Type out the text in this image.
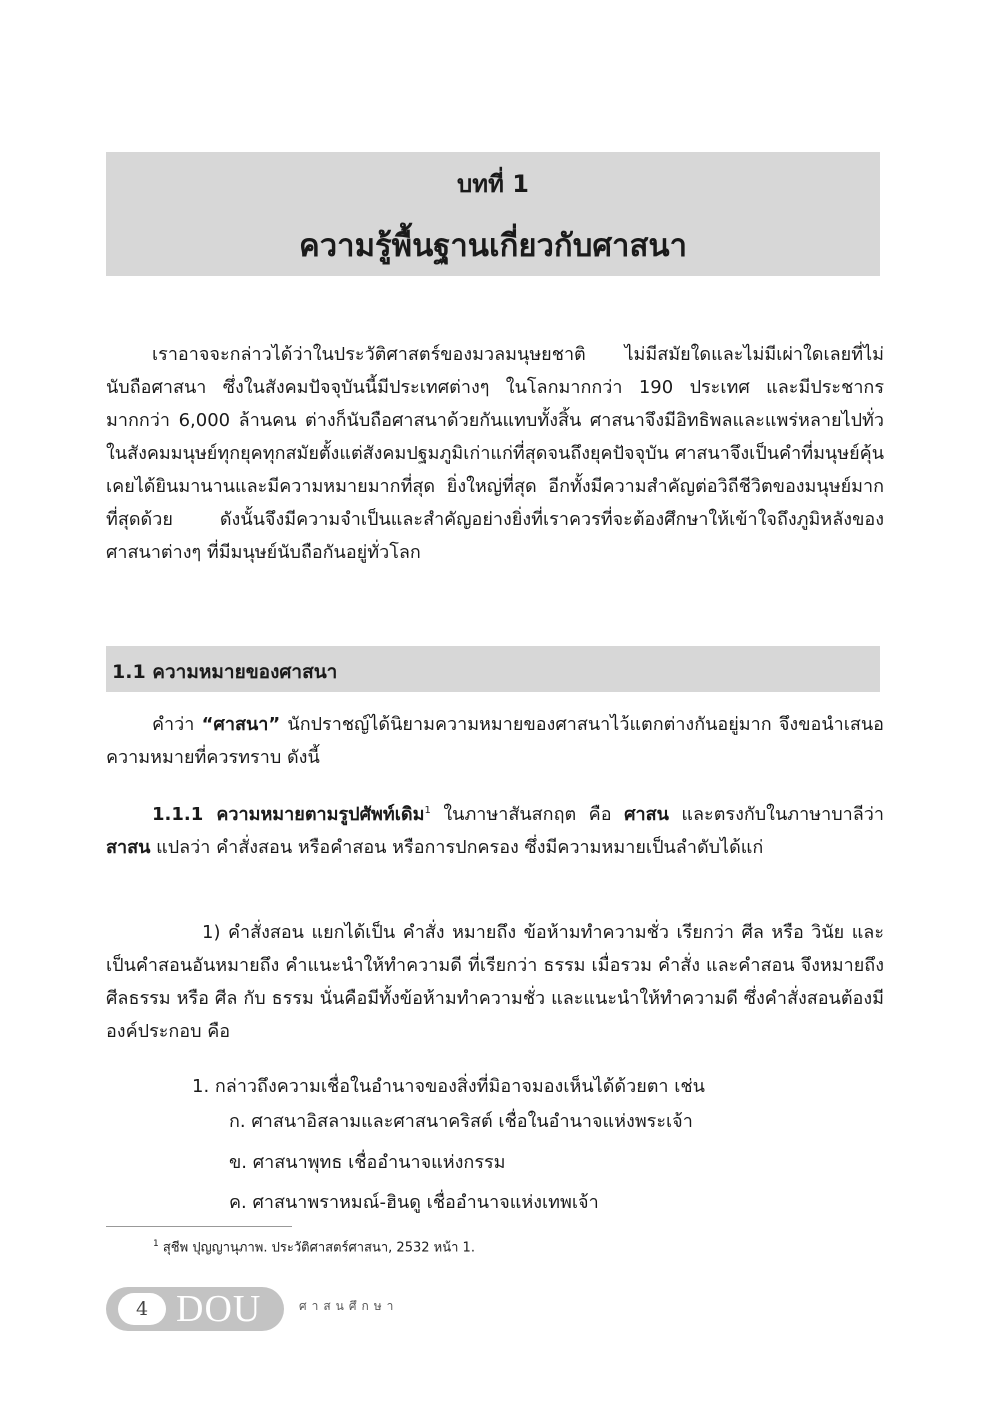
บทที่ 1
ความรู้พื้นฐานเกี่ยวกับศาสนา

เราอาจจะกล่าวได้ว่าในประวัติศาสตร์ของมวลมนุษยชาติ ไม่มีสมัยใดและไม่มีเผ่าใดเลยที่ไม่นับถือศาสนา ซึ่งในสังคมปัจจุบันนี้มีประเทศต่างๆ ในโลกมากกว่า 190 ประเทศ และมีประชากรมากกว่า 6,000 ล้านคน ต่างก็นับถือศาสนาด้วยกันแทบทั้งสิ้น ศาสนาจึงมีอิทธิพลและแพร่หลายไปทั่วในสังคมมนุษย์ทุกยุคทุกสมัยตั้งแต่สังคมปฐมภูมิเก่าแก่ที่สุดจนถึงยุคปัจจุบัน ศาสนาจึงเป็นคำที่มนุษย์คุ้นเคยได้ยินมานานและมีความหมายมากที่สุด ยิ่งใหญ่ที่สุด อีกทั้งมีความสำคัญต่อวิถีชีวิตของมนุษย์มากที่สุดด้วย ดังนั้นจึงมีความจำเป็นและสำคัญอย่างยิ่งที่เราควรที่จะต้องศึกษาให้เข้าใจถึงภูมิหลังของศาสนาต่างๆ ที่มีมนุษย์นับถือกันอยู่ทั่วโลก

1.1 ความหมายของศาสนา

คำว่า “ศาสนา” นักปราชญ์ได้นิยามความหมายของศาสนาไว้แตกต่างกันอยู่มาก จึงขอนำเสนอความหมายที่ควรทราบ ดังนี้

1.1.1 ความหมายตามรูปศัพท์เดิม$^1$ ในภาษาสันสกฤต คือ ศาสน และตรงกับในภาษาบาลีว่า สาสน แปลว่า คำสั่งสอน หรือคำสอน หรือการปกครอง ซึ่งมีความหมายเป็นลำดับได้แก่

1) คำสั่งสอน แยกได้เป็น คำสั่ง หมายถึง ข้อห้ามทำความชั่ว เรียกว่า ศีล หรือ วินัย และเป็นคำสอนอันหมายถึง คำแนะนำให้ทำความดี ที่เรียกว่า ธรรม เมื่อรวม คำสั่ง และคำสอน จึงหมายถึง ศีลธรรม หรือ ศีล กับ ธรรม นั่นคือมีทั้งข้อห้ามทำความชั่ว และแนะนำให้ทำความดี ซึ่งคำสั่งสอนต้องมีองค์ประกอบ คือ

1. กล่าวถึงความเชื่อในอำนาจของสิ่งที่มิอาจมองเห็นได้ด้วยตา เช่น
ก. ศาสนาอิสลามและศาสนาคริสต์ เชื่อในอำนาจแห่งพระเจ้า
ข. ศาสนาพุทธ เชื่ออำนาจแห่งกรรม
ค. ศาสนาพราหมณ์-ฮินดู เชื่ออำนาจแห่งเทพเจ้า
$^1$ สุชีพ ปุญญานุภาพ. ประวัติศาสตร์ศาสนา, 2532 หน้า 1.
4 DOU	ศาสนศึกษา
